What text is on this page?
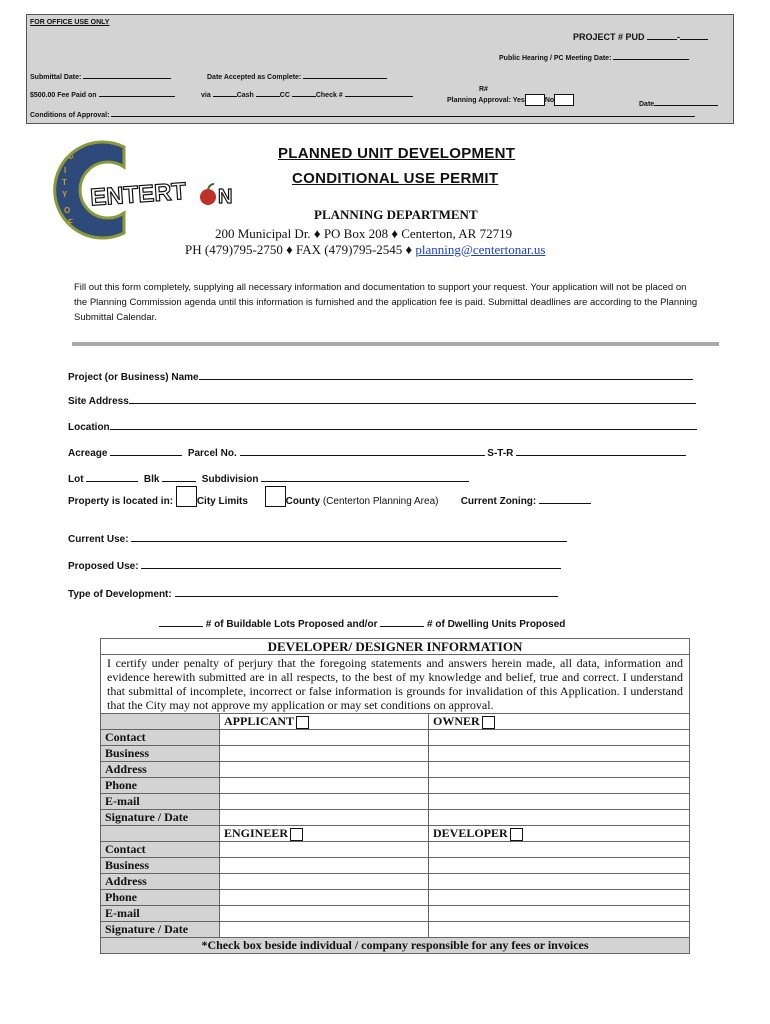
FOR OFFICE USE ONLY
PROJECT # PUD	-
Public Hearing / PC Meeting Date:
Submittal Date:	Date Accepted as Complete:
$500.00 Fee Paid on	via	Cash	CC	Check #
R#
Planning Approval: Yes	No
Date
Conditions of Approval:
C
I
T
Y
O
F
ENTERT N
PLANNED UNIT DEVELOPMENT
CONDITIONAL USE PERMIT
PLANNING DEPARTMENT
200 Municipal Dr. ♦ PO Box 208 ♦ Centerton, AR 72719
PH (479)795-2750 ♦ FAX (479)795-2545 ♦ planning@centertonar.us
Fill out this form completely, supplying all necessary information and documentation to support your request. Your application will not be placed on the Planning Commission agenda until this information is furnished and the application fee is paid. Submittal deadlines are according to the Planning Submittal Calendar.
Project (or Business) Name
Site Address
Location
Acreage	Parcel No.	S-T-R
Lot	Blk	Subdivision
Property is located in: City Limits	County (Centerton Planning Area) Current Zoning:
Current Use:
Proposed Use:
Type of Development:
# of Buildable Lots Proposed and/or	# of Dwelling Units Proposed
DEVELOPER/ DESIGNER INFORMATION		
I certify under penalty of perjury that the foregoing statements and answers herein made, all data, information and evidence herewith submitted are in all respects, to the best of my knowledge and belief, true and correct. I understand that submittal of incomplete, incorrect or false information is grounds for invalidation of this Application. I understand that the City may not approve my application or may set conditions on approval.		
	APPLICANT	OWNER
Contact		
Business		
Address		
Phone		
E-mail		
Signature / Date		
	ENGINEER	DEVELOPER
Contact		
Business		
Address		
Phone		
E-mail		
Signature / Date		
*Check box beside individual / company responsible for any fees or invoices		
